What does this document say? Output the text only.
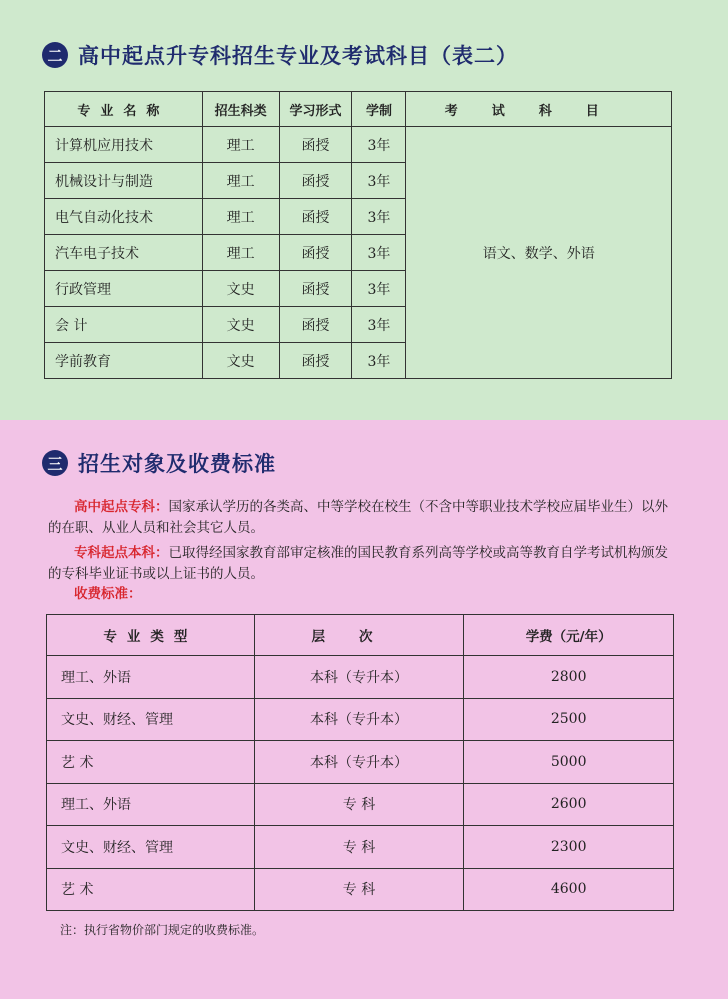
二 高中起点升专科招生专业及考试科目（表二）
专业名称	招生科类	学习形式	学制	考试科目
计算机应用技术	理工	函授	3年	语文、数学、外语
机械设计与制造	理工	函授	3年	
电气自动化技术	理工	函授	3年	
汽车电子技术	理工	函授	3年	
行政管理	文史	函授	3年	
会 计	文史	函授	3年	
学前教育	文史	函授	3年	
三 招生对象及收费标准
高中起点专科：国家承认学历的各类高、中等学校在校生（不含中等职业技术学校应届毕业生）以外的在职、从业人员和社会其它人员。
专科起点本科：已取得经国家教育部审定核准的国民教育系列高等学校或高等教育自学考试机构颁发的专科毕业证书或以上证书的人员。
收费标准：
专业类型	层次	学费（元/年）
理工、外语	本科（专升本）	2800
文史、财经、管理	本科（专升本）	2500
艺 术	本科（专升本）	5000
理工、外语	专 科	2600
文史、财经、管理	专 科	2300
艺 术	专 科	4600
注：执行省物价部门规定的收费标准。
